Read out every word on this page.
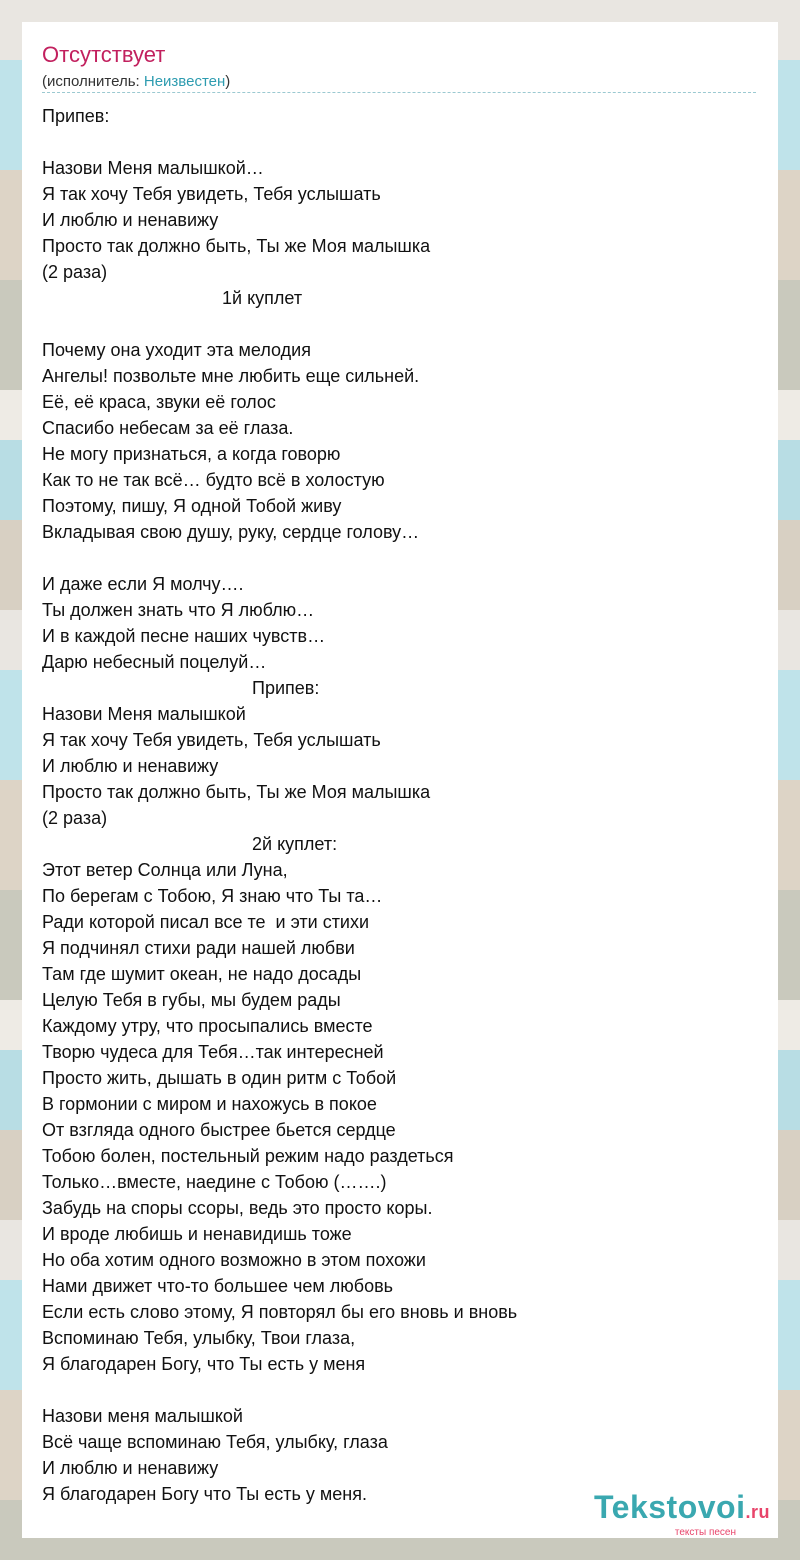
Отсутствует
(исполнитель: Неизвестен)
Припев:
Назови Меня малышкой…
Я так хочу Тебя увидеть, Тебя услышать
И люблю и ненавижу
Просто так должно быть, Ты же Моя малышка
(2 раза)
1й куплет
Почему она уходит эта мелодия
Ангелы! позвольте мне любить еще сильней.
Её, её краса, звуки её голос
Спасибо небесам за её глаза.
Не могу признаться, а когда говорю
Как то не так всё… будто всё в холостую
Поэтому, пишу, Я одной Тобой живу
Вкладывая свою душу, руку, сердце голову…
И даже если Я молчу….
Ты должен знать что Я люблю…
И в каждой песне наших чувств…
Дарю небесный поцелуй…
Припев:
Назови Меня малышкой
Я так хочу Тебя увидеть, Тебя услышать
И люблю и ненавижу
Просто так должно быть, Ты же Моя малышка
(2 раза)
2й куплет:
Этот ветер Солнца или Луна,
По берегам с Тобою, Я знаю что Ты та…
Ради которой писал все те  и эти стихи
Я подчинял стихи ради нашей любви
Там где шумит океан, не надо досады
Целую Тебя в губы, мы будем рады
Каждому утру, что просыпались вместе
Творю чудеса для Тебя…так интересней
Просто жить, дышать в один ритм с Тобой
В гормонии с миром и нахожусь в покое
От взгляда одного быстрее бьется сердце
Тобою болен, постельный режим надо раздеться
Только…вместе, наедине с Тобою (…….)
Забудь на споры ссоры, ведь это просто коры.
И вроде любишь и ненавидишь тоже
Но оба хотим одного возможно в этом похожи
Нами движет что-то большее чем любовь
Если есть слово этому, Я повторял бы его вновь и вновь
Вспоминаю Тебя, улыбку, Твои глаза,
Я благодарен Богу, что Ты есть у меня
Назови меня малышкой
Всё чаще вспоминаю Тебя, улыбку, глаза
И люблю и ненавижу
Я благодарен Богу что Ты есть у меня.	Tekstovoi.ru
тексты песен
